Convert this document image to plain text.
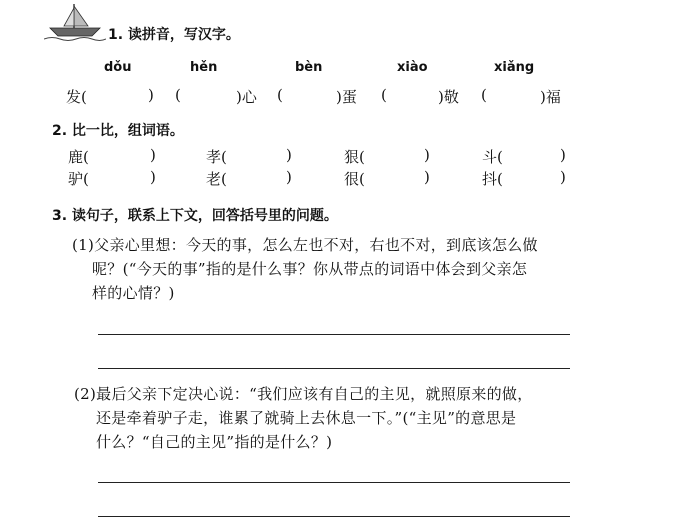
1. 读拼音，写汉字。
dǒu	hěn	bèn	xiào	xiǎng
发(	) (	)心 (	)蛋 (	)敬 (	)福
2. 比一比，组词语。
鹿(	)	孝(	)	狠(	)	斗(	)
驴(	)	老(	)	很(	)	抖(	)
3. 读句子，联系上下文，回答括号里的问题。
(1)父亲心里想：今天的事，怎么左也不对，右也不对，到底该怎么做
呢？(“今天的事”指的是什么事？你从带点的词语中体会到父亲怎
样的心情？)
(2)最后父亲下定决心说：“我们应该有自己的主见，就照原来的做，
还是牵着驴子走，谁累了就骑上去休息一下。”(“主见”的意思是
什么？“自己的主见”指的是什么？)
